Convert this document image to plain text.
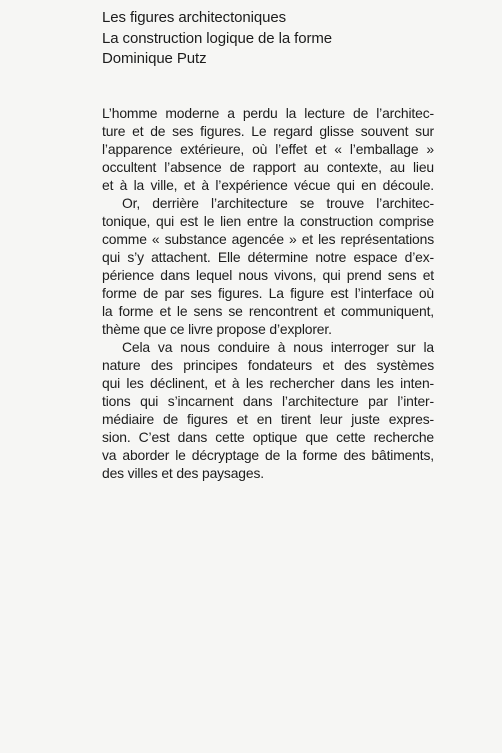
Les figures architectoniques
La construction logique de la forme
Dominique Putz
L’homme moderne a perdu la lecture de l’architec-
ture et de ses figures. Le regard glisse souvent sur
l’apparence extérieure, où l’effet et « l’emballage »
occultent l’absence de rapport au contexte, au lieu
et à la ville, et à l’expérience vécue qui en découle.
Or, derrière l’architecture se trouve l’architec-
tonique, qui est le lien entre la construction comprise
comme « substance agencée » et les représentations
qui s’y attachent. Elle détermine notre espace d’ex-
périence dans lequel nous vivons, qui prend sens et
forme de par ses figures. La figure est l’interface où
la forme et le sens se rencontrent et communiquent,
thème que ce livre propose d’explorer.
Cela va nous conduire à nous interroger sur la
nature des principes fondateurs et des systèmes
qui les déclinent, et à les rechercher dans les inten-
tions qui s’incarnent dans l’architecture par l’inter-
médiaire de figures et en tirent leur juste expres-
sion. C’est dans cette optique que cette recherche
va aborder le décryptage de la forme des bâtiments,
des villes et des paysages.
